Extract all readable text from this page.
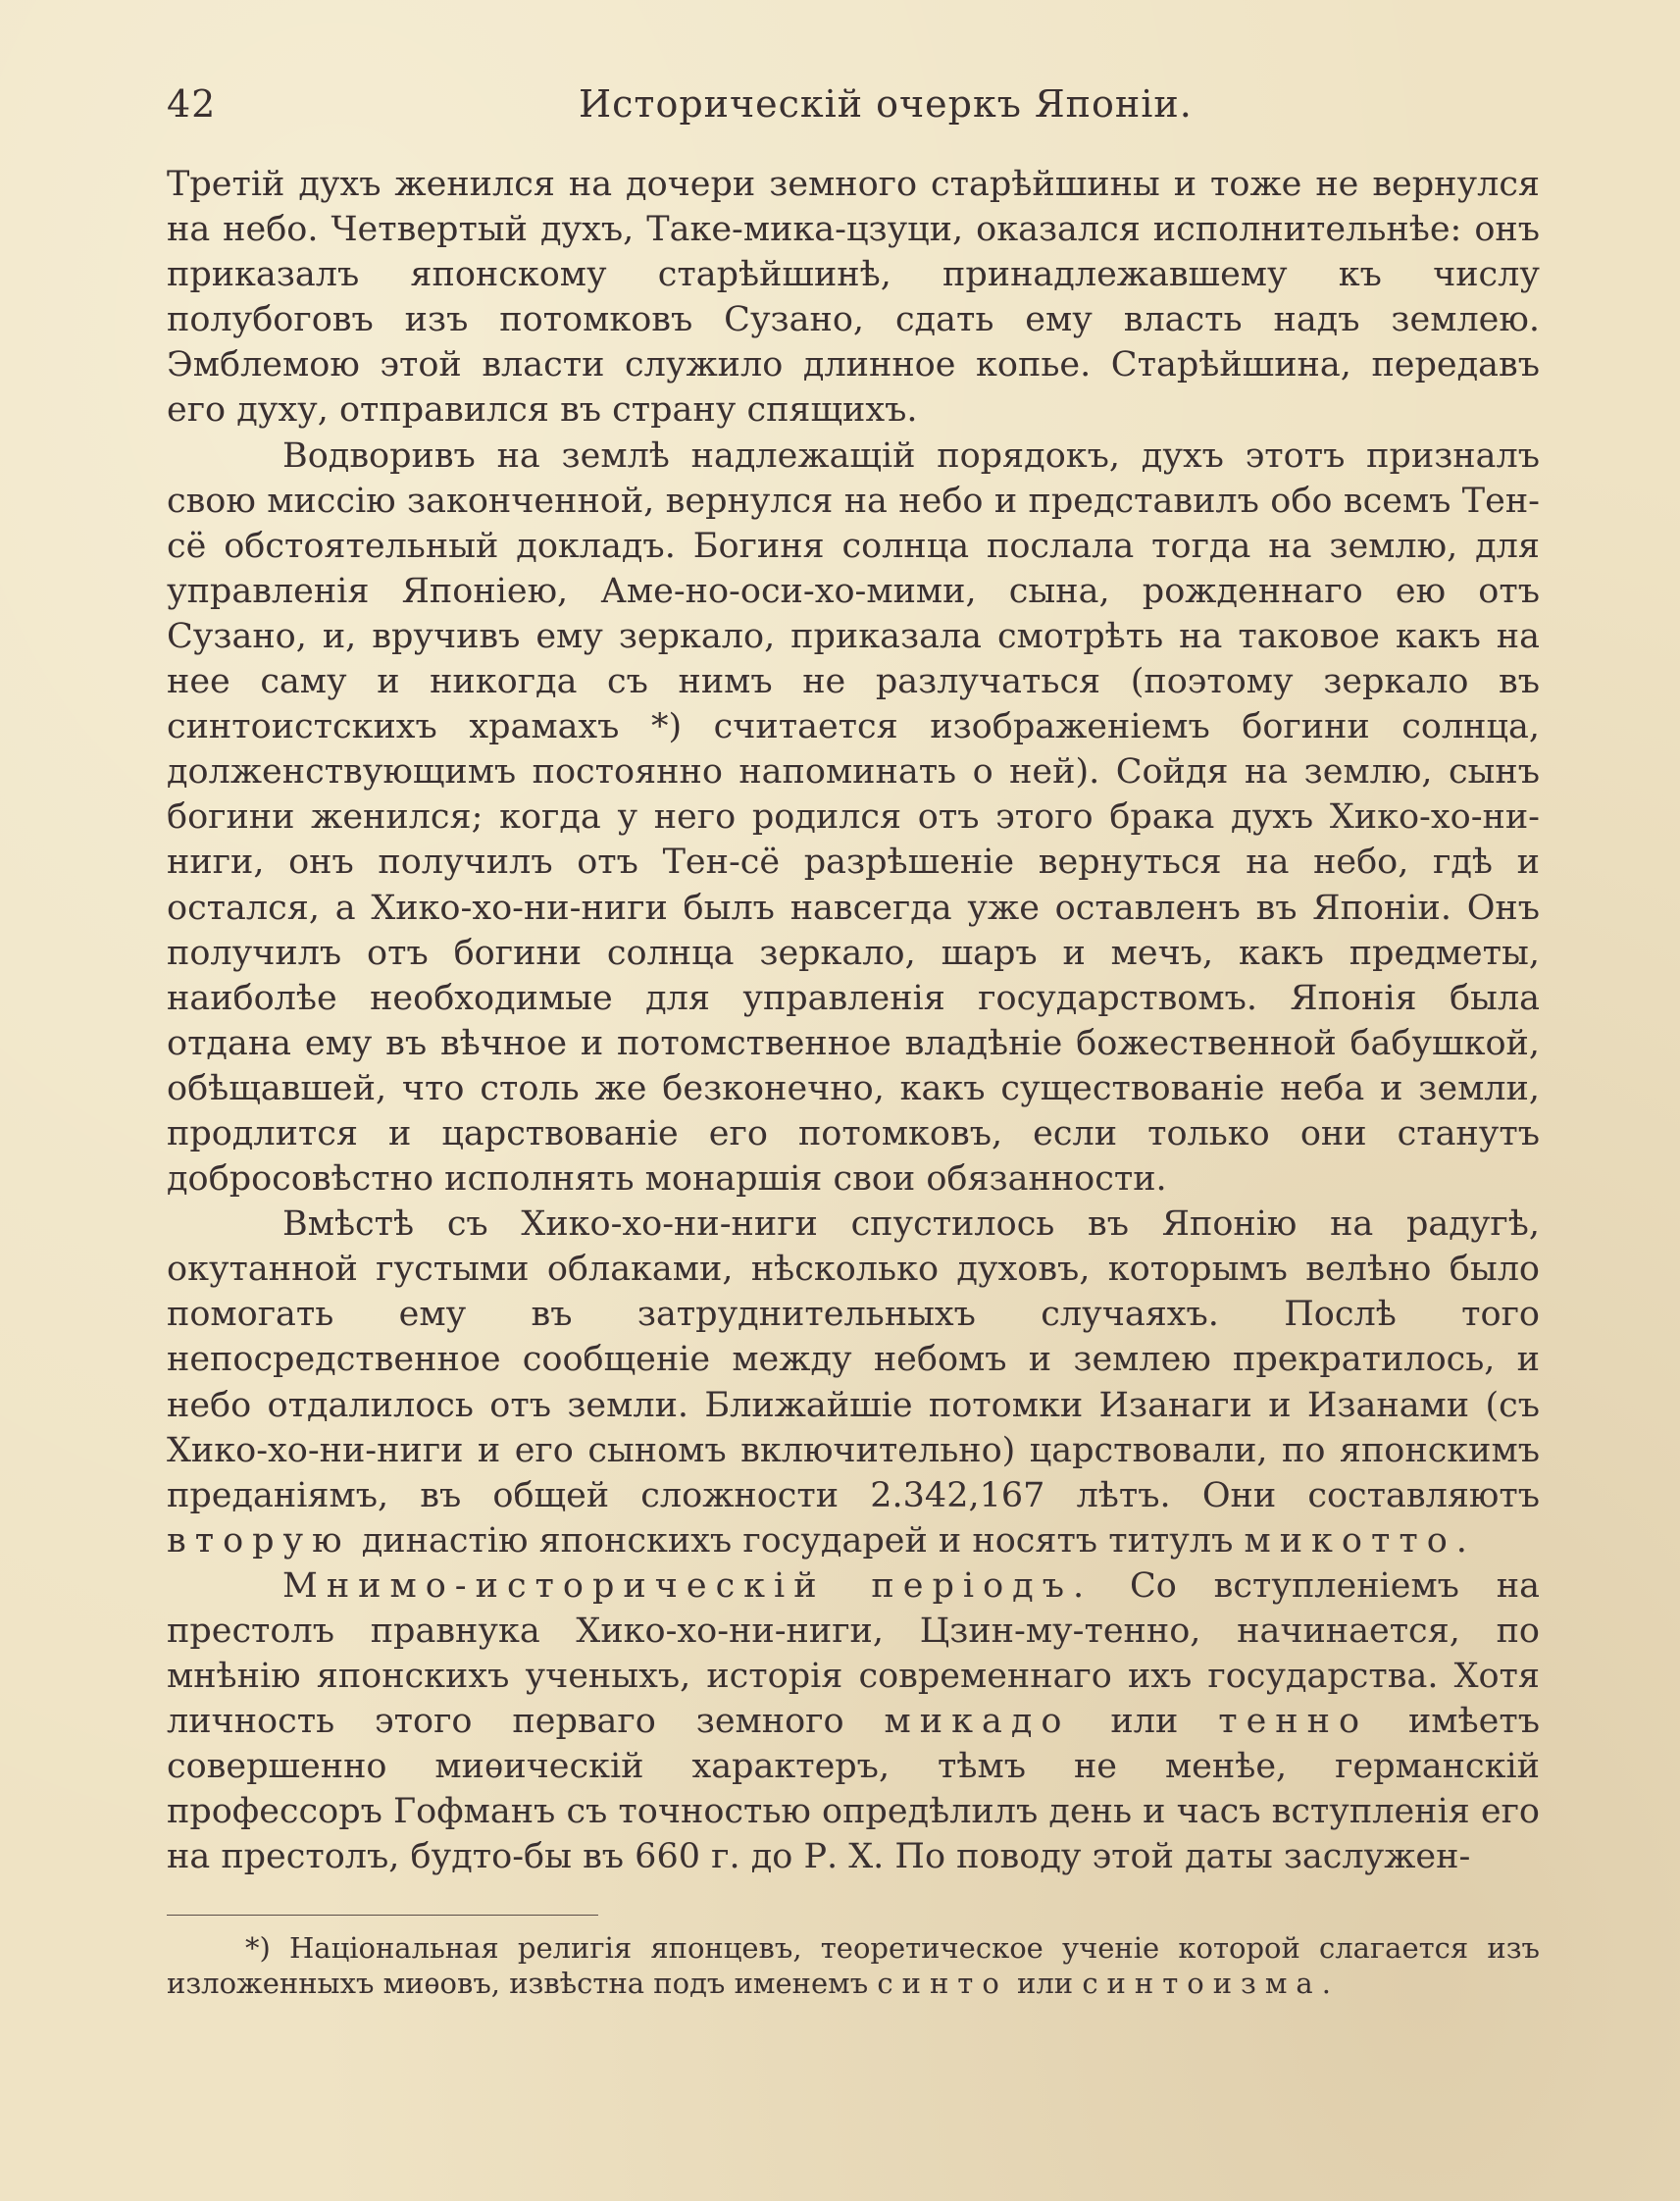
42	Историческій очеркъ Японіи.

Третій духъ женился на дочери земного старѣйшины и тоже не вернулся на небо. Четвертый духъ, Таке-мика-цзуци, оказался исполнительнѣе: онъ приказалъ японскому старѣйшинѣ, принадлежавшему къ числу полубоговъ изъ потомковъ Сузано, сдать ему власть надъ землею. Эмблемою этой власти служило длинное копье. Старѣйшина, передавъ его духу, отправился въ страну спящихъ.

Водворивъ на землѣ надлежащій порядокъ, духъ этотъ призналъ свою миссію законченной, вернулся на небо и представилъ обо всемъ Тен-сё обстоятельный докладъ. Богиня солнца послала тогда на землю, для управленія Японіею, Аме-но-оси-хо-мими, сына, рожденнаго ею отъ Сузано, и, вручивъ ему зеркало, приказала смотрѣть на таковое какъ на нее саму и никогда съ нимъ не разлучаться (поэтому зеркало въ синтоистскихъ храмахъ *) считается изображеніемъ богини солнца, долженствующимъ постоянно напоминать о ней). Сойдя на землю, сынъ богини женился; когда у него родился отъ этого брака духъ Хико-хо-ни-ниги, онъ получилъ отъ Тен-сё разрѣшеніе вернуться на небо, гдѣ и остался, а Хико-хо-ни-ниги былъ навсегда уже оставленъ въ Японіи. Онъ получилъ отъ богини солнца зеркало, шаръ и мечъ, какъ предметы, наиболѣе необходимые для управленія государствомъ. Японія была отдана ему въ вѣчное и потомственное владѣніе божественной бабушкой, обѣщавшей, что столь же безконечно, какъ существованіе неба и земли, продлится и царствованіе его потомковъ, если только они станутъ добросовѣстно исполнять монаршія свои обязанности.

Вмѣстѣ съ Хико-хо-ни-ниги спустилось въ Японію на радугѣ, окутанной густыми облаками, нѣсколько духовъ, которымъ велѣно было помогать ему въ затруднительныхъ случаяхъ. Послѣ того непосредственное сообщеніе между небомъ и землею прекратилось, и небо отдалилось отъ земли. Ближайшіе потомки Изанаги и Изанами (съ Хико-хо-ни-ниги и его сыномъ включительно) царствовали, по японскимъ преданіямъ, въ общей сложности 2.342,167 лѣтъ. Они составляютъ вторую династію японскихъ государей и носятъ титулъ микотто.

Мнимо-историческій періодъ. Со вступленіемъ на престолъ правнука Хико-хо-ни-ниги, Цзин-му-тенно, начинается, по мнѣнію японскихъ ученыхъ, исторія современнаго ихъ государства. Хотя личность этого перваго земного микадо или тенно имѣетъ совершенно миѳическій характеръ, тѣмъ не менѣе, германскій профессоръ Гофманъ съ точностью опредѣлилъ день и часъ вступленія его на престолъ, будто-бы въ 660 г. до Р. Х. По поводу этой даты заслужен-

*) Національная религія японцевъ, теоретическое ученіе которой слагается изъ изложенныхъ миѳовъ, извѣстна подъ именемъ синто или синтоизма.
